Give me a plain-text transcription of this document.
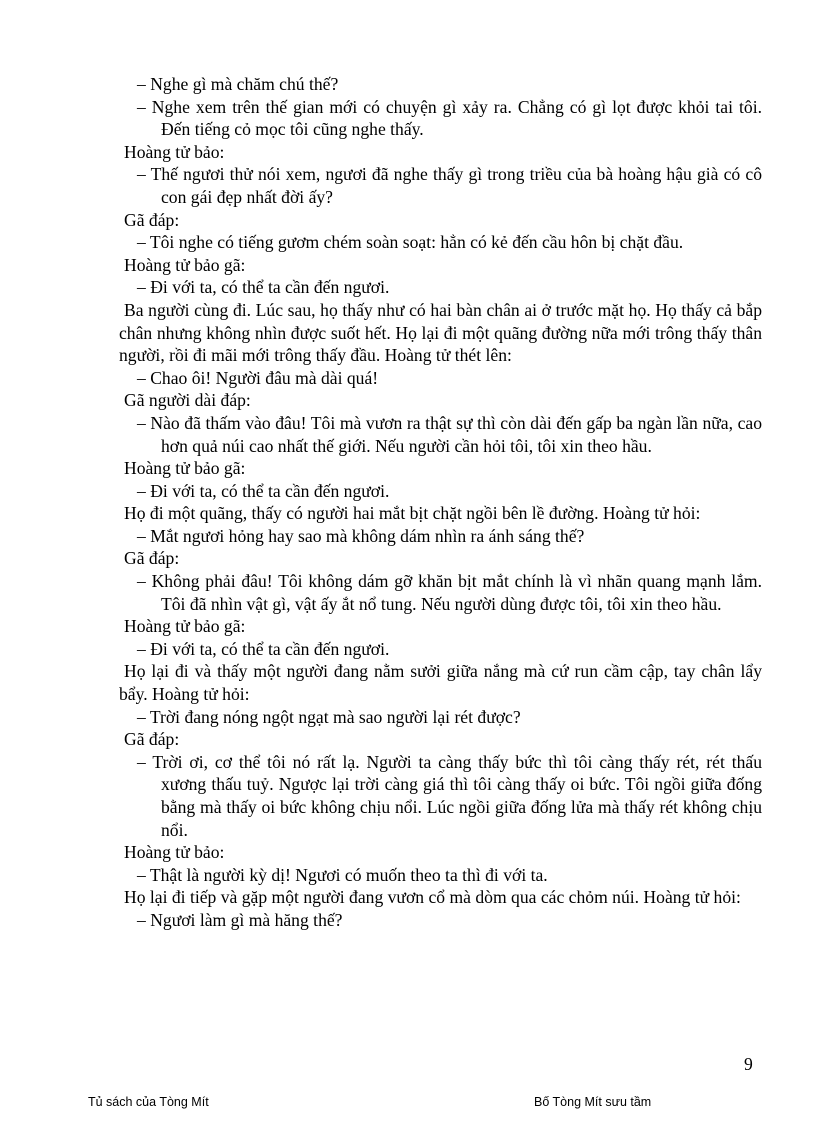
– Nghe gì mà chăm chú thế?

– Nghe xem trên thế gian mới có chuyện gì xảy ra. Chẳng có gì lọt được khỏi tai tôi. Đến tiếng cỏ mọc tôi cũng nghe thấy.

Hoàng tử bảo:

– Thế ngươi thử nói xem, ngươi đã nghe thấy gì trong triều của bà hoàng hậu già có cô con gái đẹp nhất đời ấy?

Gã đáp:

– Tôi nghe có tiếng gươm chém soàn soạt: hẳn có kẻ đến cầu hôn bị chặt đầu.

Hoàng tử bảo gã:

– Đi với ta, có thể ta cần đến ngươi.

Ba người cùng đi. Lúc sau, họ thấy như có hai bàn chân ai ở trước mặt họ. Họ thấy cả bắp chân nhưng không nhìn được suốt hết. Họ lại đi một quãng đường nữa mới trông thấy thân người, rồi đi mãi mới trông thấy đầu. Hoàng tử thét lên:

– Chao ôi! Người đâu mà dài quá!

Gã người dài đáp:

– Nào đã thấm vào đâu! Tôi mà vươn ra thật sự thì còn dài đến gấp ba ngàn lần nữa, cao hơn quả núi cao nhất thế giới. Nếu người cần hỏi tôi, tôi xin theo hầu.

Hoàng tử bảo gã:

– Đi với ta, có thể ta cần đến ngươi.

Họ đi một quãng, thấy có người hai mắt bịt chặt ngồi bên lề đường. Hoàng tử hỏi:

– Mắt ngươi hỏng hay sao mà không dám nhìn ra ánh sáng thế?

Gã đáp:

– Không phải đâu! Tôi không dám gỡ khăn bịt mắt chính là vì nhãn quang mạnh lắm. Tôi đã nhìn vật gì, vật ấy ắt nổ tung. Nếu người dùng được tôi, tôi xin theo hầu.

Hoàng tử bảo gã:

– Đi với ta, có thể ta cần đến ngươi.

Họ lại đi và thấy một người đang nằm sưởi giữa nắng mà cứ run cầm cập, tay chân lẩy bẩy. Hoàng tử hỏi:

– Trời đang nóng ngột ngạt mà sao người lại rét được?

Gã đáp:

– Trời ơi, cơ thể tôi nó rất lạ. Người ta càng thấy bức thì tôi càng thấy rét, rét thấu xương thấu tuỷ. Ngược lại trời càng giá thì tôi càng thấy oi bức. Tôi ngồi giữa đống bằng mà thấy oi bức không chịu nổi. Lúc ngồi giữa đống lửa mà thấy rét không chịu nổi.

Hoàng tử bảo:

– Thật là người kỳ dị! Ngươi có muốn theo ta thì đi với ta.

Họ lại đi tiếp và gặp một người đang vươn cổ mà dòm qua các chỏm núi. Hoàng tử hỏi:

– Ngươi làm gì mà hăng thế?

9
Tủ sách của Tòng Mít	Bố Tòng Mít sưu tầm
